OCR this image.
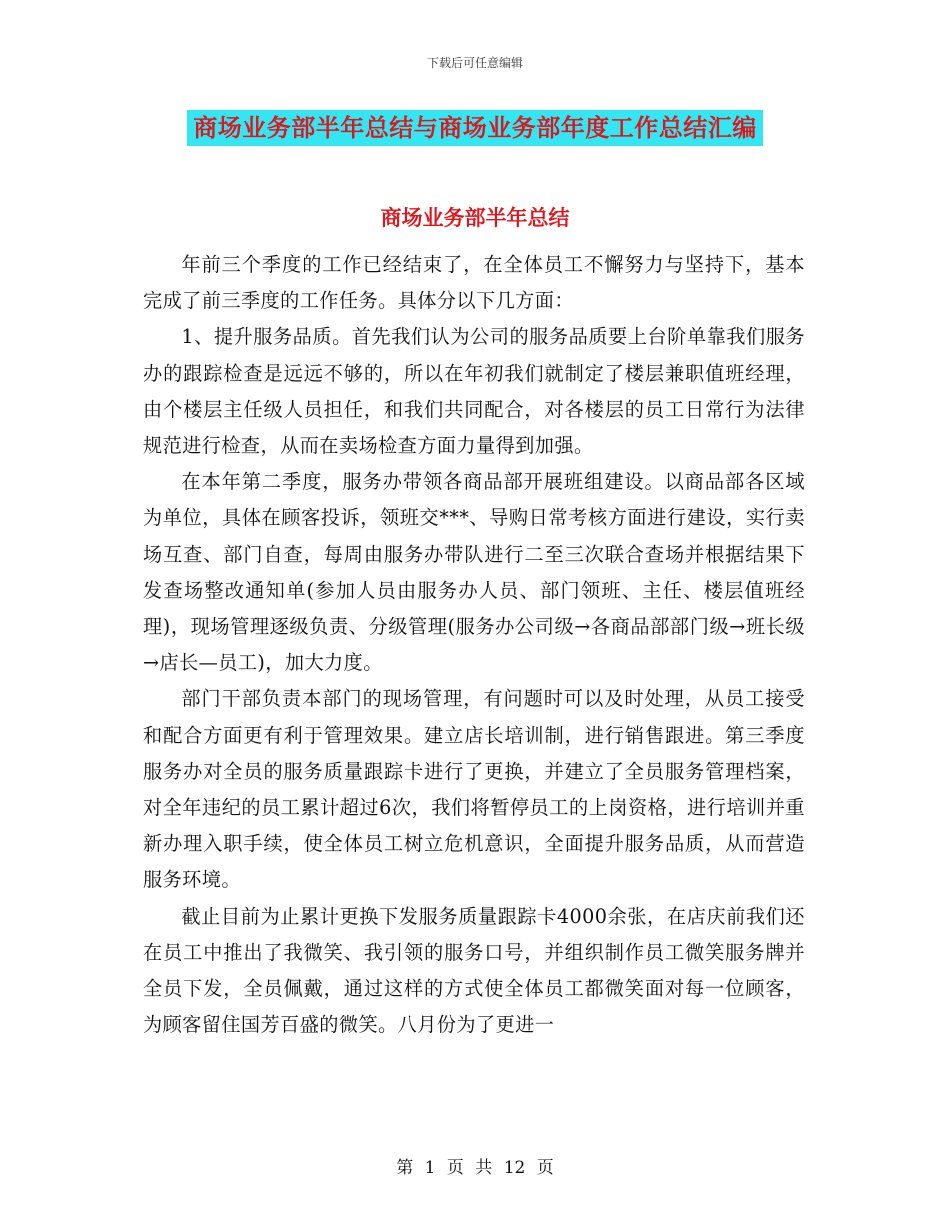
下载后可任意编辑
商场业务部半年总结与商场业务部年度工作总结汇编
商场业务部半年总结

年前三个季度的工作已经结束了，在全体员工不懈努力与坚持下，基本完成了前三季度的工作任务。具体分以下几方面：

1、提升服务品质。首先我们认为公司的服务品质要上台阶单靠我们服务办的跟踪检查是远远不够的，所以在年初我们就制定了楼层兼职值班经理，由个楼层主任级人员担任，和我们共同配合，对各楼层的员工日常行为法律规范进行检查，从而在卖场检查方面力量得到加强。

在本年第二季度，服务办带领各商品部开展班组建设。以商品部各区域为单位，具体在顾客投诉，领班交***、导购日常考核方面进行建设，实行卖场互查、部门自查，每周由服务办带队进行二至三次联合查场并根据结果下发查场整改通知单(参加人员由服务办人员、部门领班、主任、楼层值班经理)，现场管理逐级负责、分级管理(服务办公司级→各商品部部门级→班长级→店长—员工)，加大力度。

部门干部负责本部门的现场管理，有问题时可以及时处理，从员工接受和配合方面更有利于管理效果。建立店长培训制，进行销售跟进。第三季度服务办对全员的服务质量跟踪卡进行了更换，并建立了全员服务管理档案，对全年违纪的员工累计超过6次，我们将暂停员工的上岗资格，进行培训并重新办理入职手续，使全体员工树立危机意识，全面提升服务品质，从而营造服务环境。

截止目前为止累计更换下发服务质量跟踪卡4000余张，在店庆前我们还在员工中推出了我微笑、我引领的服务口号，并组织制作员工微笑服务牌并全员下发，全员佩戴，通过这样的方式使全体员工都微笑面对每一位顾客，为顾客留住国芳百盛的微笑。八月份为了更进一

第 1 页 共 12 页
